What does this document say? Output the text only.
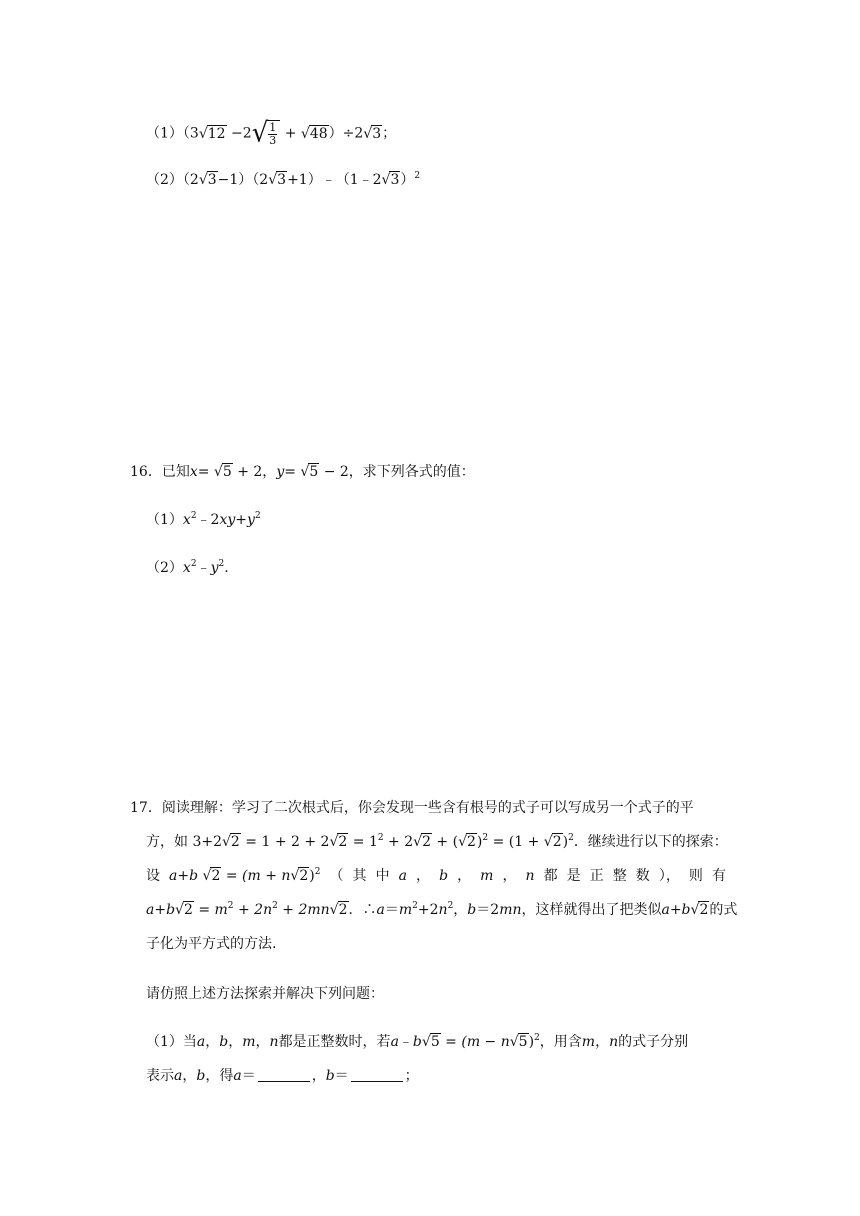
（1）（3√12 −2 √ $\frac{1}{3} + √48)\div 2√3$；
（2）（2√3−1）（2√3+1）﹣（1﹣2√3）$^2$
16．已知x= √5 + 2，y= √5 − 2，求下列各式的值：
$(1)x^2﹣2xy+y^2$
$(2)x^2﹣y^2$.
17．阅读理解：学习了二次根式后，你会发现一些含有根号的式子可以写成另一个式子的平
方，如 $3+2√2 = 1 + 2 + 2√2 = 1^2 + 2√2 + (√2)^2 = (1 + √2)^2$．继续进行以下的探索：
设 a+b $√2 = (m + n√2)^2$ （ 其 中 a ， b ， m ， n 都 是 正 整 数 ）， 则 有
$a+b√2 = m^2 + 2n^2 + 2mn√2$．$\therefore a=m^2+2n^2$，b＝2mn，这样就得出了把类似a+b√2的式
子化为平方式的方法.
请仿照上述方法探索并解决下列问题：
（1）当a，b，m，n都是正整数时，若a﹣b√5 = $(m - n√5)^2$，用含m，n的式子分别
表示a，b，得a＝	，b＝	；
